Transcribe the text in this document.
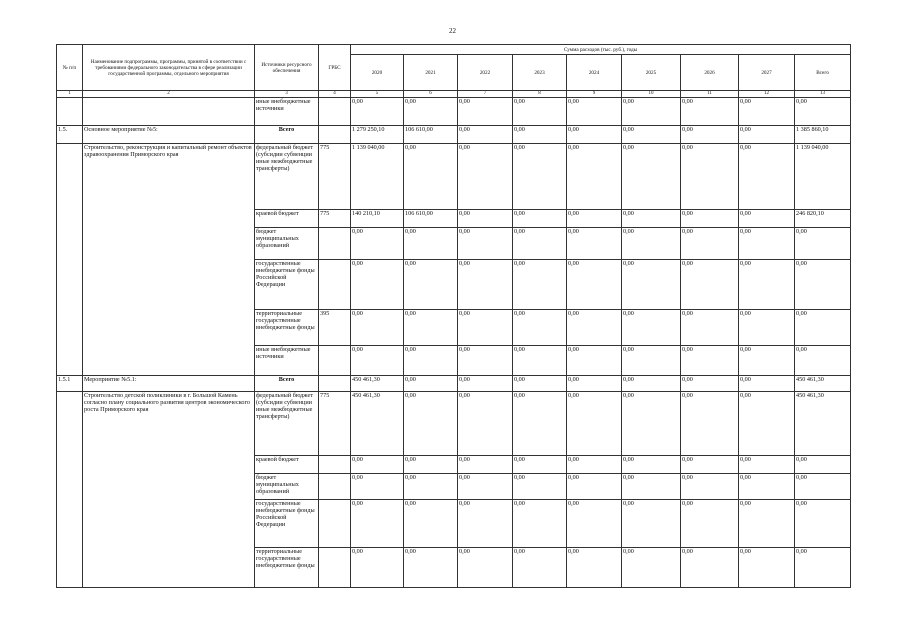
22
№ п/п	Наименование подпрограммы, программы, принятой в соответствии с требованиями федерального законодательства в сфере реализации государственной программы, отдельного мероприятия	Источники ресурсного обеспечения	ГРБС	Сумма расходов (тыс. руб.), годы								
				2020	2021	2022	2023	2024	2025	2026	2027	Всего
1	2	3	4	5	6	7	8	9	10	11	12	13
		иные внебюджетные источники		0,00	0,00	0,00	0,00	0,00	0,00	0,00	0,00	0,00
1.5.	Основное мероприятие №5:	Всего		1 279 250,10	106 610,00	0,00	0,00	0,00	0,00	0,00	0,00	1 385 860,10
	Строительство, реконструкция и капитальный ремонт объектов здравоохранения Приморского края	федеральный бюджет (субсидии субвенции иные межбюджетные трансферты)	775	1 139 040,00	0,00	0,00	0,00	0,00	0,00	0,00	0,00	1 139 040,00
		краевой бюджет	775	140 210,10	106 610,00	0,00	0,00	0,00	0,00	0,00	0,00	246 820,10
		бюджет муниципальных образований		0,00	0,00	0,00	0,00	0,00	0,00	0,00	0,00	0,00
		государственные внебюджетные фонды Российской Федерации		0,00	0,00	0,00	0,00	0,00	0,00	0,00	0,00	0,00
		территориальные государственные внебюджетные фонды	395	0,00	0,00	0,00	0,00	0,00	0,00	0,00	0,00	0,00
		иные внебюджетные источники		0,00	0,00	0,00	0,00	0,00	0,00	0,00	0,00	0,00
1.5.1	Мероприятие №5.1:	Всего		450 461,30	0,00	0,00	0,00	0,00	0,00	0,00	0,00	450 461,30
	Строительство детской поликлиники в г. Большой Камень согласно плану социального развития центров экономического роста Приморского края	федеральный бюджет (субсидии субвенции иные межбюджетные трансферты)	775	450 461,30	0,00	0,00	0,00	0,00	0,00	0,00	0,00	450 461,30
		краевой бюджет		0,00	0,00	0,00	0,00	0,00	0,00	0,00	0,00	0,00
		бюджет муниципальных образований		0,00	0,00	0,00	0,00	0,00	0,00	0,00	0,00	0,00
		государственные внебюджетные фонды Российской Федерации		0,00	0,00	0,00	0,00	0,00	0,00	0,00	0,00	0,00
		территориальные государственные внебюджетные фонды		0,00	0,00	0,00	0,00	0,00	0,00	0,00	0,00	0,00
